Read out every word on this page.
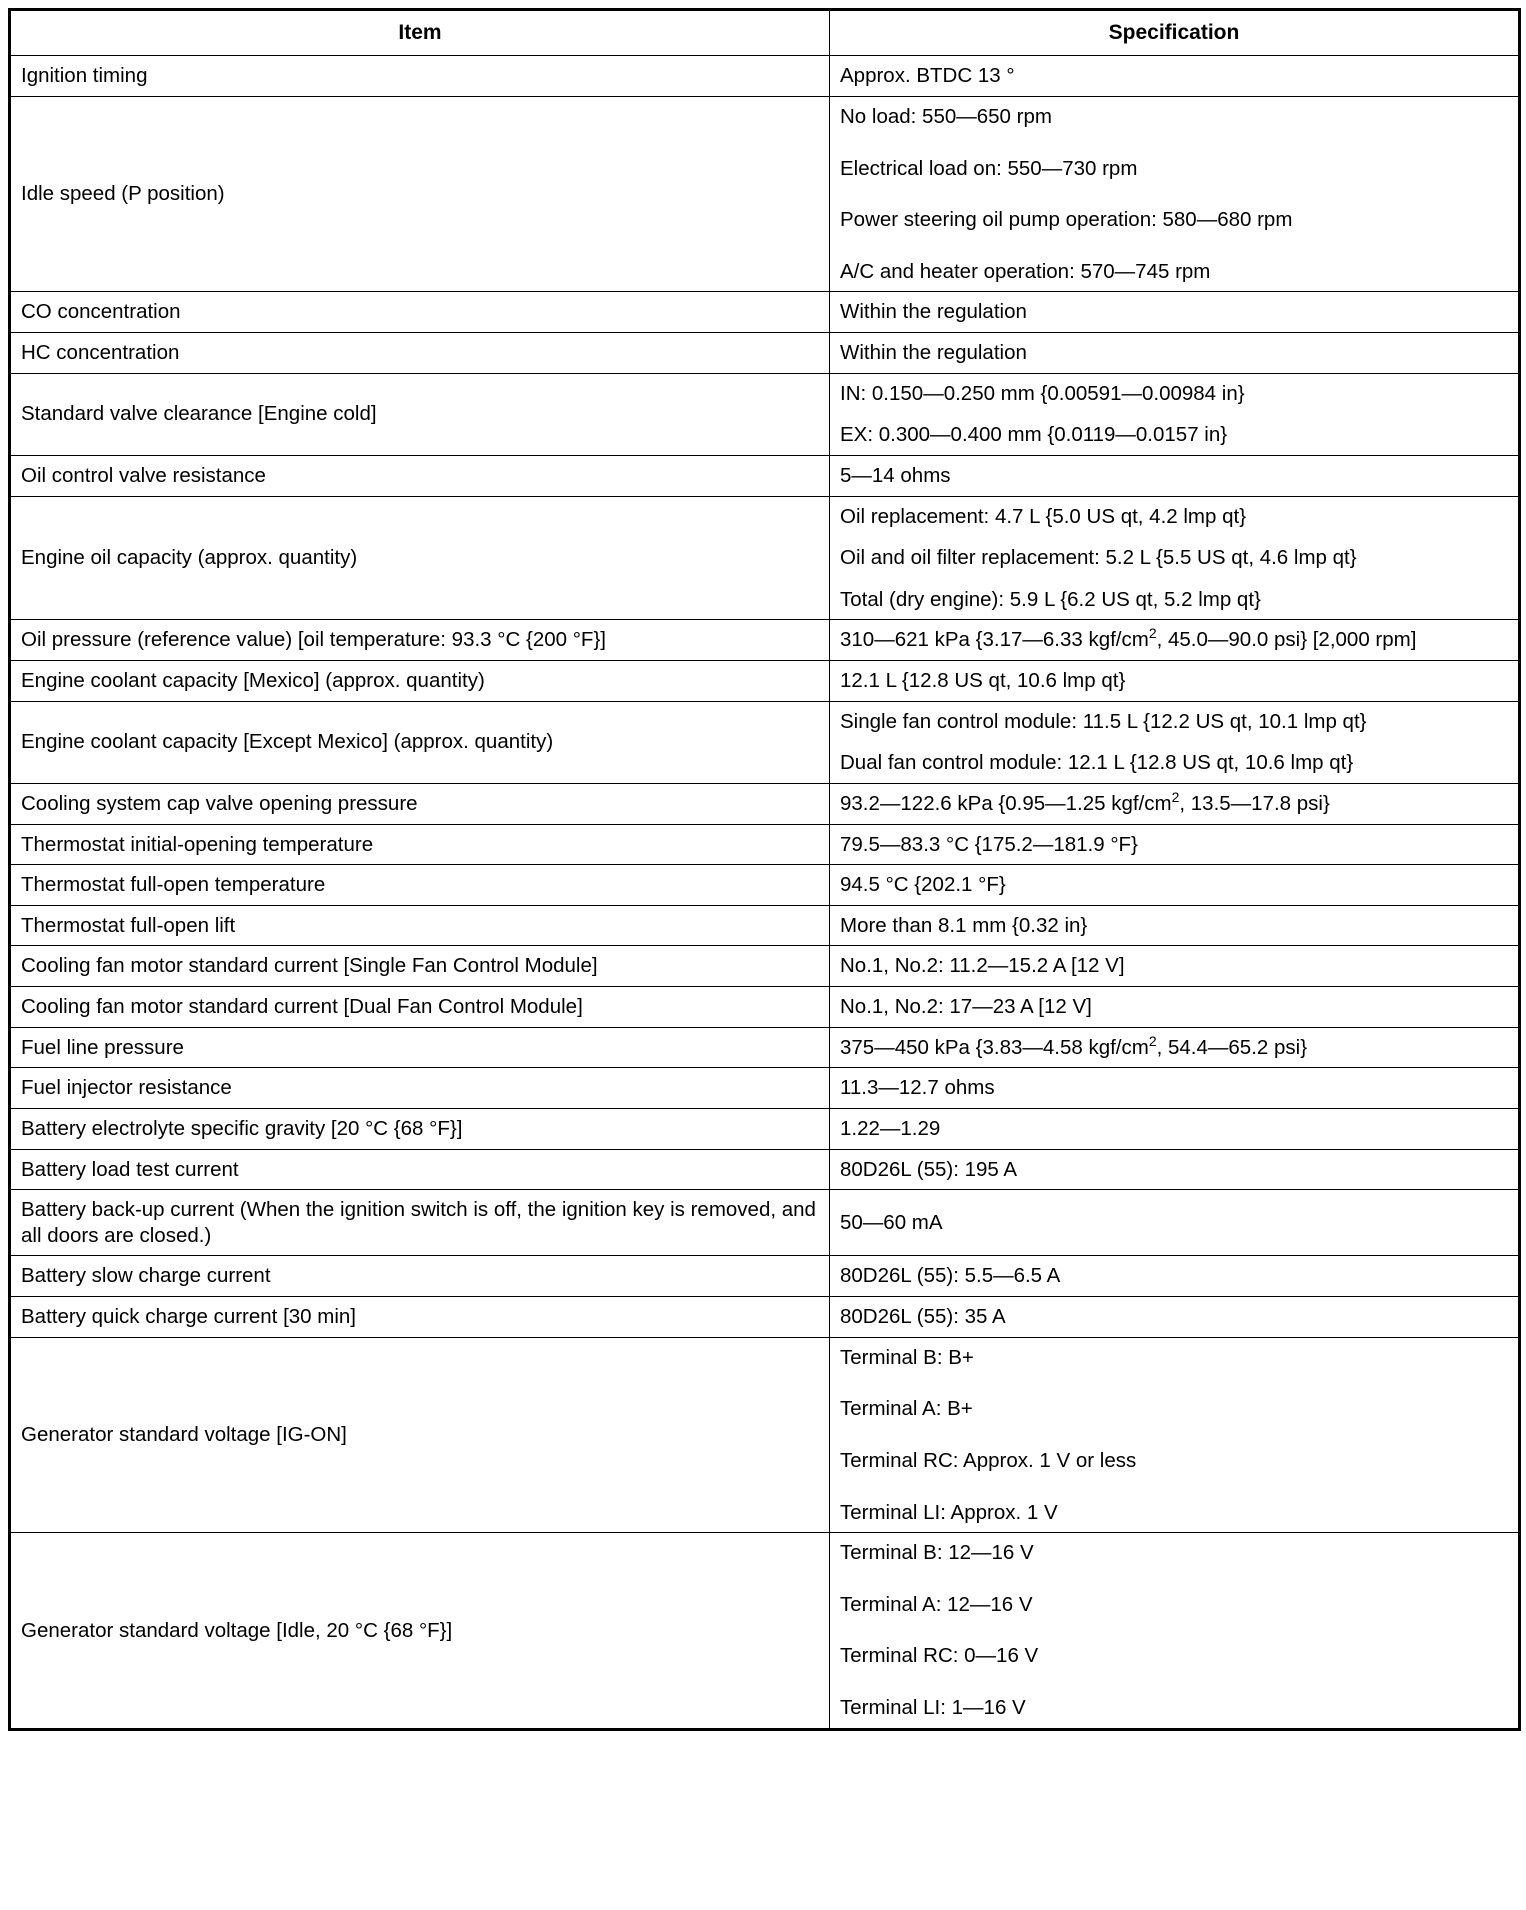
Item	Specification
Ignition timing	Approx. BTDC 13 °

Idle speed (P position)	No load: 550—650 rpm
Electrical load on: 550—730 rpm
Power steering oil pump operation: 580—680 rpm
A/C and heater operation: 570—745 rpm

CO concentration	Within the regulation

HC concentration	Within the regulation

Standard valve clearance [Engine cold]	IN: 0.150—0.250 mm {0.00591—0.00984 in}
EX: 0.300—0.400 mm {0.0119—0.0157 in}

Oil control valve resistance	5—14 ohms

Engine oil capacity (approx. quantity)	Oil replacement: 4.7 L {5.0 US qt, 4.2 lmp qt}
Oil and oil filter replacement: 5.2 L {5.5 US qt, 4.6 lmp qt}
Total (dry engine): 5.9 L {6.2 US qt, 5.2 lmp qt}

Oil pressure (reference value) [oil temperature: 93.3 °C {200 °F}]	310—621 kPa {3.17—6.33 kgf/$cm^2$, 45.0—90.0 psi} [2,000 rpm]

Engine coolant capacity [Mexico] (approx. quantity)	12.1 L {12.8 US qt, 10.6 lmp qt}

Engine coolant capacity [Except Mexico] (approx. quantity)	Single fan control module: 11.5 L {12.2 US qt, 10.1 lmp qt}
Dual fan control module: 12.1 L {12.8 US qt, 10.6 lmp qt}

Cooling system cap valve opening pressure	93.2—122.6 kPa {0.95—1.25 kgf/$cm^2$, 13.5—17.8 psi}

Thermostat initial-opening temperature	79.5—83.3 °C {175.2—181.9 °F}

Thermostat full-open temperature	94.5 °C {202.1 °F}

Thermostat full-open lift	More than 8.1 mm {0.32 in}

Cooling fan motor standard current [Single Fan Control Module]	No.1, No.2: 11.2—15.2 A [12 V]

Cooling fan motor standard current [Dual Fan Control Module]	No.1, No.2: 17—23 A [12 V]

Fuel line pressure	375—450 kPa {3.83—4.58 kgf/$cm^2$, 54.4—65.2 psi}

Fuel injector resistance	11.3—12.7 ohms

Battery electrolyte specific gravity [20 °C {68 °F}]	1.22—1.29

Battery load test current	80D26L (55): 195 A

Battery back-up current (When the ignition switch is off, the ignition key is removed, and all doors are closed.)	50—60 mA

Battery slow charge current	80D26L (55): 5.5—6.5 A

Battery quick charge current [30 min]	80D26L (55): 35 A

Generator standard voltage [IG-ON]	Terminal B: B+
Terminal A: B+
Terminal RC: Approx. 1 V or less
Terminal LI: Approx. 1 V

Generator standard voltage [Idle, 20 °C {68 °F}]	Terminal B: 12—16 V
Terminal A: 12—16 V
Terminal RC: 0—16 V
Terminal LI: 1—16 V
